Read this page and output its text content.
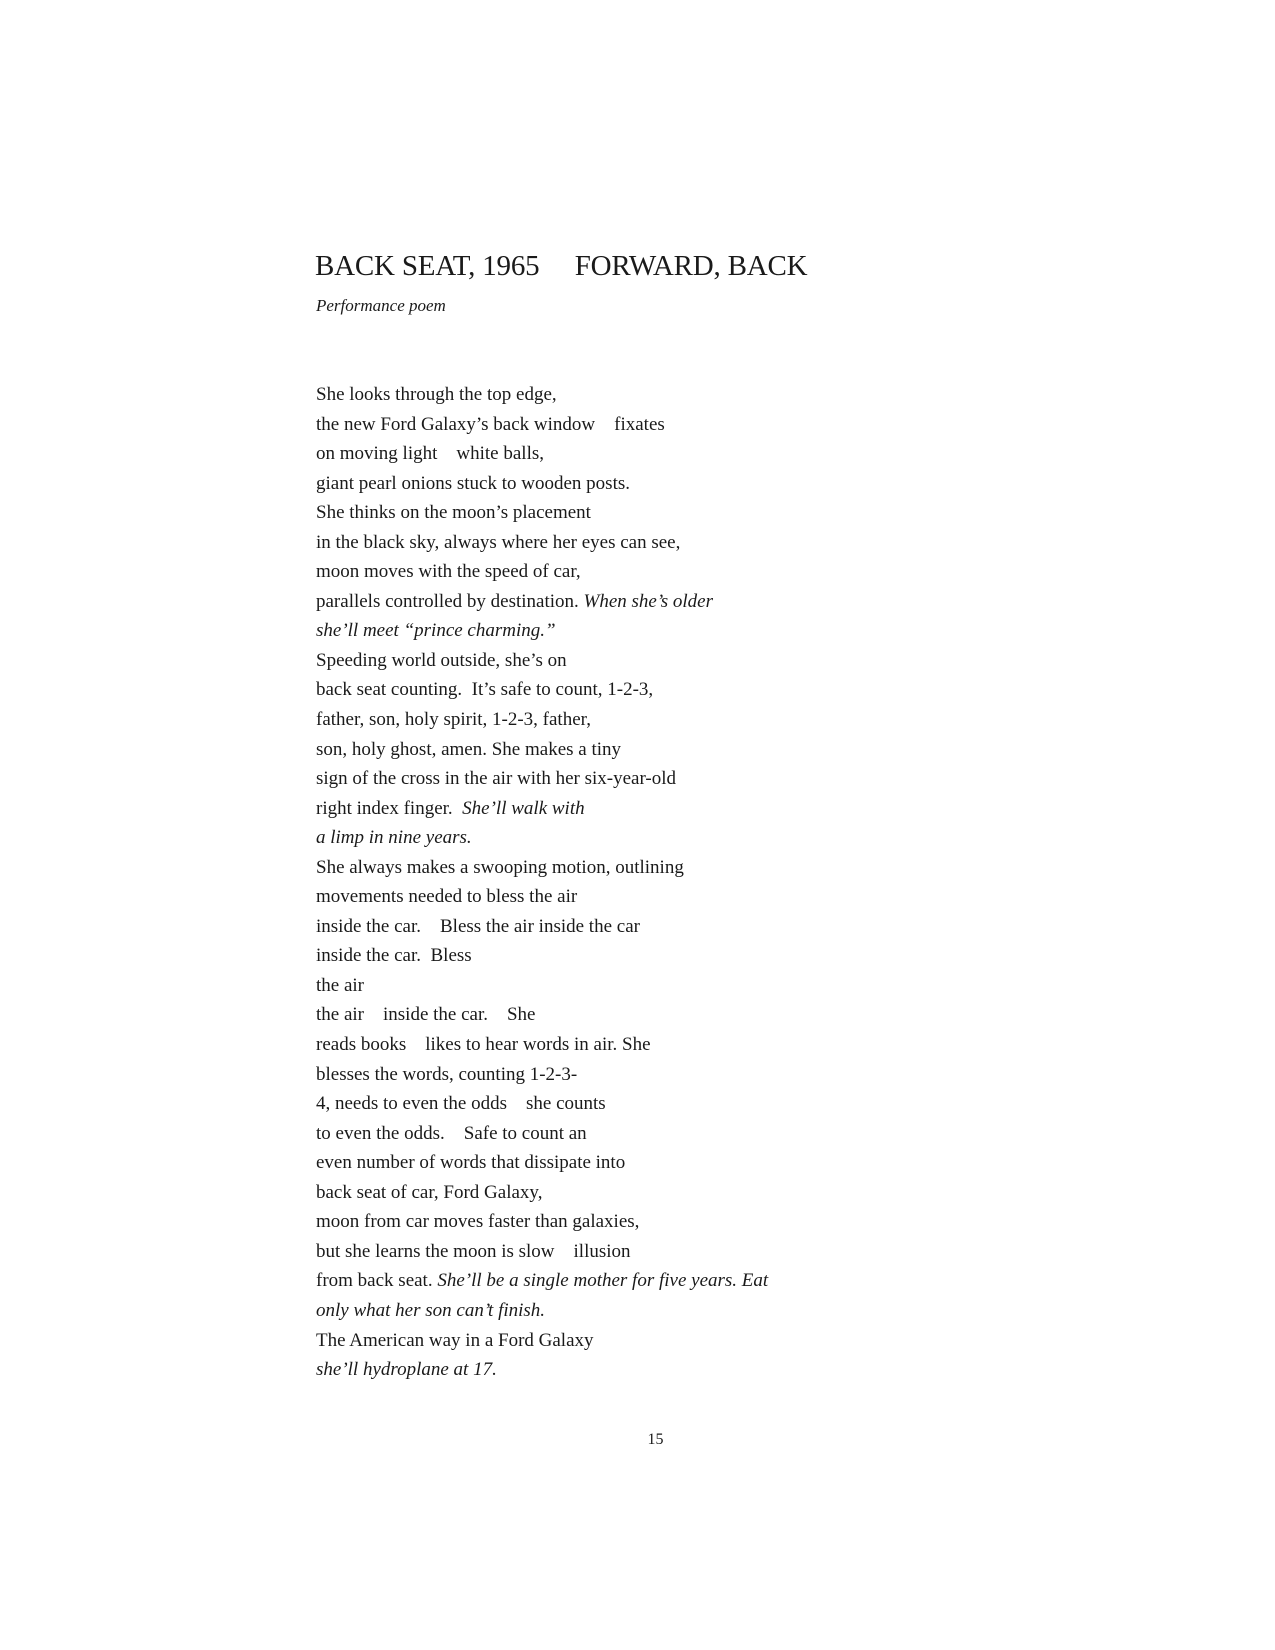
BACK SEAT, 1965     FORWARD, BACK

Performance poem

She looks through the top edge,
the new Ford Galaxy’s back window    fixates
on moving light    white balls,
giant pearl onions stuck to wooden posts.
She thinks on the moon’s placement
in the black sky, always where her eyes can see,
moon moves with the speed of car,
parallels controlled by destination. When she’s older
she’ll meet “prince charming.”
Speeding world outside, she’s on
back seat counting.  It’s safe to count, 1-2-3,
father, son, holy spirit, 1-2-3, father,
son, holy ghost, amen. She makes a tiny
sign of the cross in the air with her six-year-old
right index finger.  She’ll walk with
a limp in nine years.
She always makes a swooping motion, outlining
movements needed to bless the air
inside the car.    Bless the air inside the car
inside the car.  Bless
the air
the air    inside the car.    She
reads books    likes to hear words in air. She
blesses the words, counting 1-2-3-
4, needs to even the odds    she counts
to even the odds.    Safe to count an
even number of words that dissipate into
back seat of car, Ford Galaxy,
moon from car moves faster than galaxies,
but she learns the moon is slow    illusion
from back seat. She’ll be a single mother for five years. Eat
only what her son can’t finish.
The American way in a Ford Galaxy
she’ll hydroplane at 17.
15
